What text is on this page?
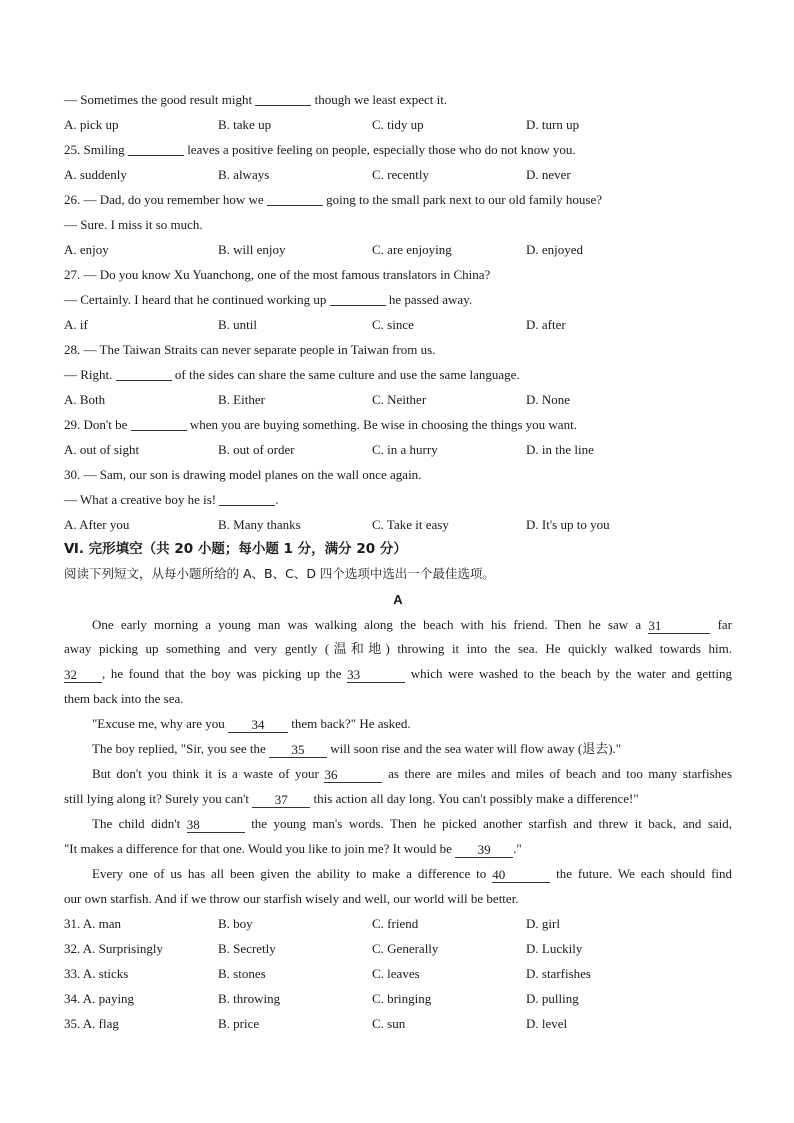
— Sometimes the good result might	though we least expect it.
A. pick up	B. take up	C. tidy up	D. turn up
25. Smiling	leaves a positive feeling on people, especially those who do not know you.
A. suddenly	B. always	C. recently	D. never
26. — Dad, do you remember how we	going to the small park next to our old family house?
— Sure. I miss it so much.
A. enjoy	B. will enjoy	C. are enjoying	D. enjoyed
27. — Do you know Xu Yuanchong, one of the most famous translators in China?
— Certainly. I heard that he continued working up	he passed away.
A. if	B. until	C. since	D. after
28. — The Taiwan Straits can never separate people in Taiwan from us.
— Right.	of the sides can share the same culture and use the same language.
A. Both	B. Either	C. Neither	D. None
29. Don't be	when you are buying something. Be wise in choosing the things you want.
A. out of sight	B. out of order	C. in a hurry	D. in the line
30. — Sam, our son is drawing model planes on the wall once again.
— What a creative boy he is!	.
A. After you	B. Many thanks	C. Take it easy	D. It's up to you
Ⅵ. 完形填空（共 20 小题；每小题 1 分，满分 20 分）
阅读下列短文，从每小题所给的 A、B、C、D 四个选项中选出一个最佳选项。
A
One early morning a young man was walking along the beach with his friend. Then he saw a 31	far
away picking up something and very gently (温和地) throwing it into the sea. He quickly walked towards him.
32 , he found that the boy was picking up the 33	which were washed to the beach by the water and getting
them back into the sea.
"Excuse me, why are you 34 them back?" He asked.
The boy replied, "Sir, you see the 35 will soon rise and the sea water will flow away (退去)."
But don't you think it is a waste of your 36	as there are miles and miles of beach and too many starfishes
still lying along it? Surely you can't 37 this action all day long. You can't possibly make a difference!"
The child didn't 38	the young man's words. Then he picked another starfish and threw it back, and said,
"It makes a difference for that one. Would you like to join me? It would be 39 ."
Every one of us has all been given the ability to make a difference to 40	the future. We each should find
our own starfish. And if we throw our starfish wisely and well, our world will be better.
31. A. man	B. boy	C. friend	D. girl
32. A. Surprisingly	B. Secretly	C. Generally	D. Luckily
33. A. sticks	B. stones	C. leaves	D. starfishes
34. A. paying	B. throwing	C. bringing	D. pulling
35. A. flag	B. price	C. sun	D. level
